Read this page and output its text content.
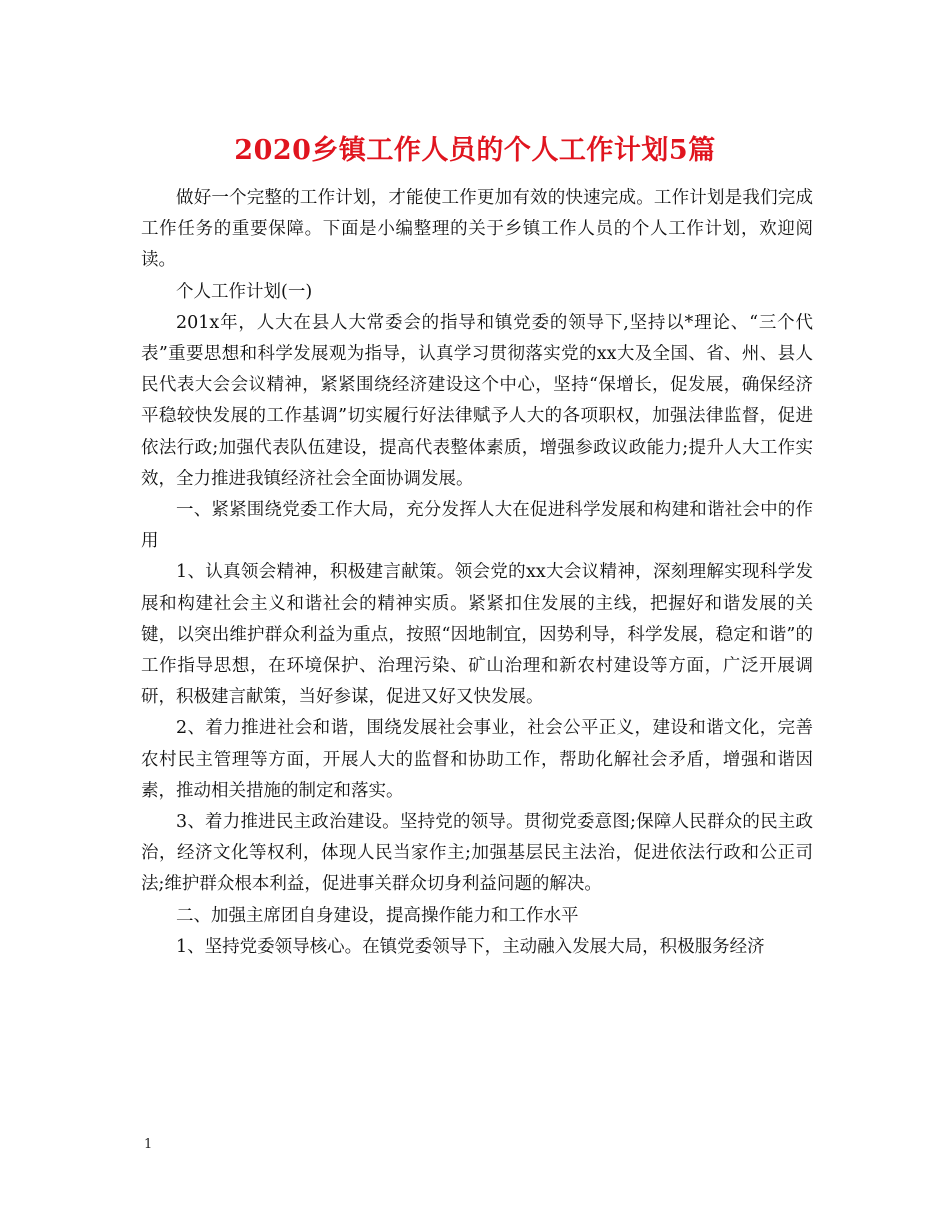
2020乡镇工作人员的个人工作计划5篇

做好一个完整的工作计划，才能使工作更加有效的快速完成。工作计划是我们完成工作任务的重要保障。下面是小编整理的关于乡镇工作人员的个人工作计划，欢迎阅读。

个人工作计划(一)

201x年，人大在县人大常委会的指导和镇党委的领导下,坚持以*理论、“三个代表”重要思想和科学发展观为指导，认真学习贯彻落实党的xx大及全国、省、州、县人民代表大会会议精神，紧紧围绕经济建设这个中心，坚持“保增长，促发展，确保经济平稳较快发展的工作基调”切实履行好法律赋予人大的各项职权，加强法律监督，促进依法行政;加强代表队伍建设，提高代表整体素质，增强参政议政能力;提升人大工作实效，全力推进我镇经济社会全面协调发展。

一、紧紧围绕党委工作大局，充分发挥人大在促进科学发展和构建和谐社会中的作用

1、认真领会精神，积极建言献策。领会党的xx大会议精神，深刻理解实现科学发展和构建社会主义和谐社会的精神实质。紧紧扣住发展的主线，把握好和谐发展的关键，以突出维护群众利益为重点，按照“因地制宜，因势利导，科学发展，稳定和谐”的工作指导思想，在环境保护、治理污染、矿山治理和新农村建设等方面，广泛开展调研，积极建言献策，当好参谋，促进又好又快发展。

2、着力推进社会和谐，围绕发展社会事业，社会公平正义，建设和谐文化，完善农村民主管理等方面，开展人大的监督和协助工作，帮助化解社会矛盾，增强和谐因素，推动相关措施的制定和落实。

3、着力推进民主政治建设。坚持党的领导。贯彻党委意图;保障人民群众的民主政治，经济文化等权利，体现人民当家作主;加强基层民主法治，促进依法行政和公正司法;维护群众根本利益，促进事关群众切身利益问题的解决。

二、加强主席团自身建设，提高操作能力和工作水平

1、坚持党委领导核心。在镇党委领导下，主动融入发展大局，积极服务经济

1
